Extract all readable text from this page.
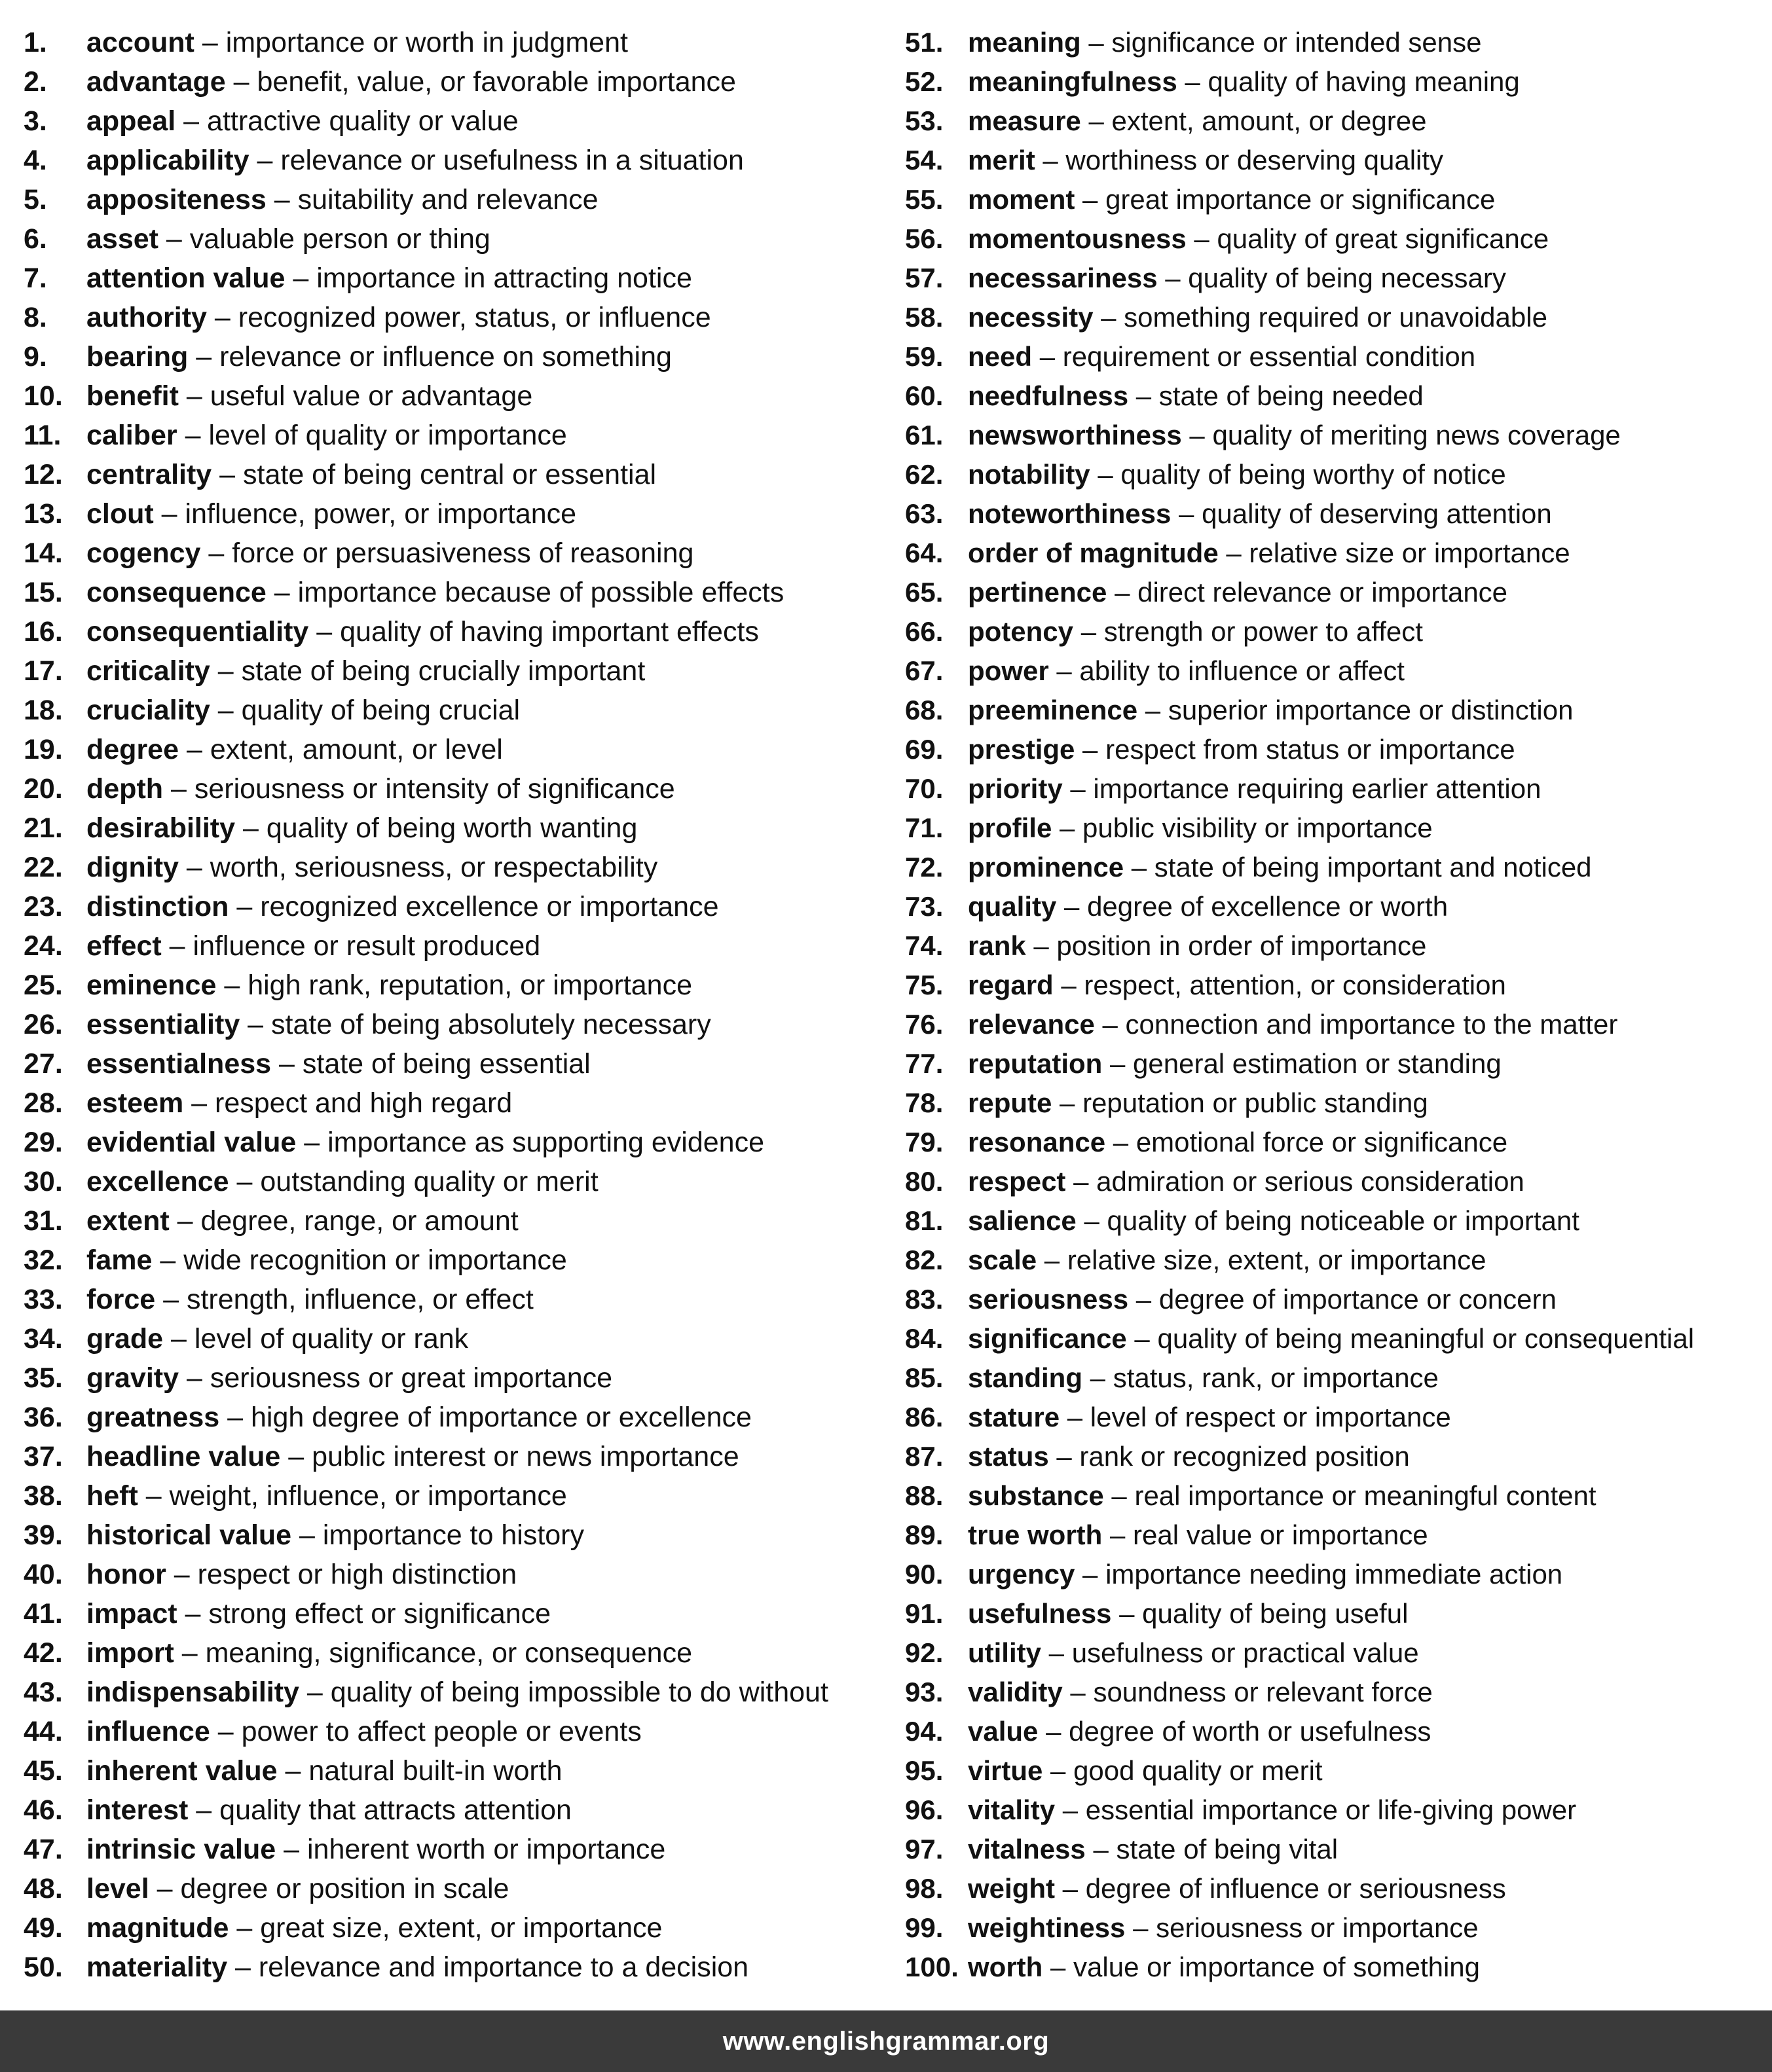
1. account – importance or worth in judgment
2. advantage – benefit, value, or favorable importance
3. appeal – attractive quality or value
4. applicability – relevance or usefulness in a situation
5. appositeness – suitability and relevance
6. asset – valuable person or thing
7. attention value – importance in attracting notice
8. authority – recognized power, status, or influence
9. bearing – relevance or influence on something
10. benefit – useful value or advantage
11. caliber – level of quality or importance
12. centrality – state of being central or essential
13. clout – influence, power, or importance
14. cogency – force or persuasiveness of reasoning
15. consequence – importance because of possible effects
16. consequentiality – quality of having important effects
17. criticality – state of being crucially important
18. cruciality – quality of being crucial
19. degree – extent, amount, or level
20. depth – seriousness or intensity of significance
21. desirability – quality of being worth wanting
22. dignity – worth, seriousness, or respectability
23. distinction – recognized excellence or importance
24. effect – influence or result produced
25. eminence – high rank, reputation, or importance
26. essentiality – state of being absolutely necessary
27. essentialness – state of being essential
28. esteem – respect and high regard
29. evidential value – importance as supporting evidence
30. excellence – outstanding quality or merit
31. extent – degree, range, or amount
32. fame – wide recognition or importance
33. force – strength, influence, or effect
34. grade – level of quality or rank
35. gravity – seriousness or great importance
36. greatness – high degree of importance or excellence
37. headline value – public interest or news importance
38. heft – weight, influence, or importance
39. historical value – importance to history
40. honor – respect or high distinction
41. impact – strong effect or significance
42. import – meaning, significance, or consequence
43. indispensability – quality of being impossible to do without
44. influence – power to affect people or events
45. inherent value – natural built-in worth
46. interest – quality that attracts attention
47. intrinsic value – inherent worth or importance
48. level – degree or position in scale
49. magnitude – great size, extent, or importance
50. materiality – relevance and importance to a decision
51. meaning – significance or intended sense
52. meaningfulness – quality of having meaning
53. measure – extent, amount, or degree
54. merit – worthiness or deserving quality
55. moment – great importance or significance
56. momentousness – quality of great significance
57. necessariness – quality of being necessary
58. necessity – something required or unavoidable
59. need – requirement or essential condition
60. needfulness – state of being needed
61. newsworthiness – quality of meriting news coverage
62. notability – quality of being worthy of notice
63. noteworthiness – quality of deserving attention
64. order of magnitude – relative size or importance
65. pertinence – direct relevance or importance
66. potency – strength or power to affect
67. power – ability to influence or affect
68. preeminence – superior importance or distinction
69. prestige – respect from status or importance
70. priority – importance requiring earlier attention
71. profile – public visibility or importance
72. prominence – state of being important and noticed
73. quality – degree of excellence or worth
74. rank – position in order of importance
75. regard – respect, attention, or consideration
76. relevance – connection and importance to the matter
77. reputation – general estimation or standing
78. repute – reputation or public standing
79. resonance – emotional force or significance
80. respect – admiration or serious consideration
81. salience – quality of being noticeable or important
82. scale – relative size, extent, or importance
83. seriousness – degree of importance or concern
84. significance – quality of being meaningful or consequential
85. standing – status, rank, or importance
86. stature – level of respect or importance
87. status – rank or recognized position
88. substance – real importance or meaningful content
89. true worth – real value or importance
90. urgency – importance needing immediate action
91. usefulness – quality of being useful
92. utility – usefulness or practical value
93. validity – soundness or relevant force
94. value – degree of worth or usefulness
95. virtue – good quality or merit
96. vitality – essential importance or life-giving power
97. vitalness – state of being vital
98. weight – degree of influence or seriousness
99. weightiness – seriousness or importance
100. worth – value or importance of something
www.englishgrammar.org
